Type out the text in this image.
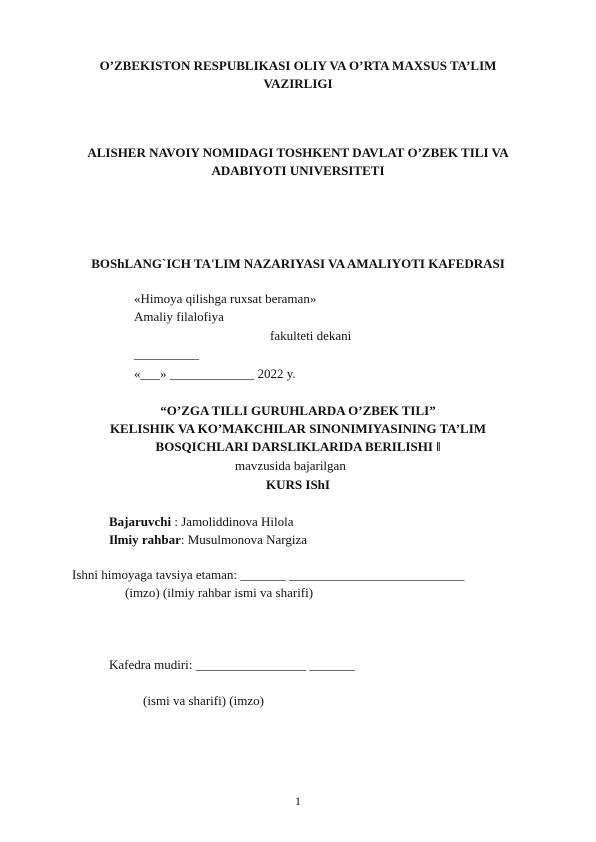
O’ZBEKISTON RESPUBLIKASI OLIY VA O’RTA MAXSUS TA’LIM
VAZIRLIGI
ALISHER NAVOIY NOMIDAGI TOSHKENT DAVLAT O’ZBEK TILI VA
ADABIYOTI UNIVERSITETI
BOShLANG`ICH TA'LIM NAZARIYASI VA AMALIYOTI KAFEDRASI
«Himoya qilishga ruxsat beraman»
Amaliy filalofiya
fakulteti dekani
__________
«___» _____________ 2022 y.
“O’ZGA TILLI GURUHLARDA O’ZBEK TILI”
KELISHIK VA KO’MAKCHILAR SINONIMIYASINING TA’LIM
BOSQICHLARI DARSLIKLARIDA BERILISHI ‖
mavzusida bajarilgan
KURS IShI
Bajaruvchi : Jamoliddinova Hilola
Ilmiy rahbar: Musulmonova Nargiza
Ishni himoyaga tavsiya etaman: _______ ___________________________
(imzo) (ilmiy rahbar ismi va sharifi)
Kafedra mudiri: _________________ _______
(ismi va sharifi) (imzo)
1
